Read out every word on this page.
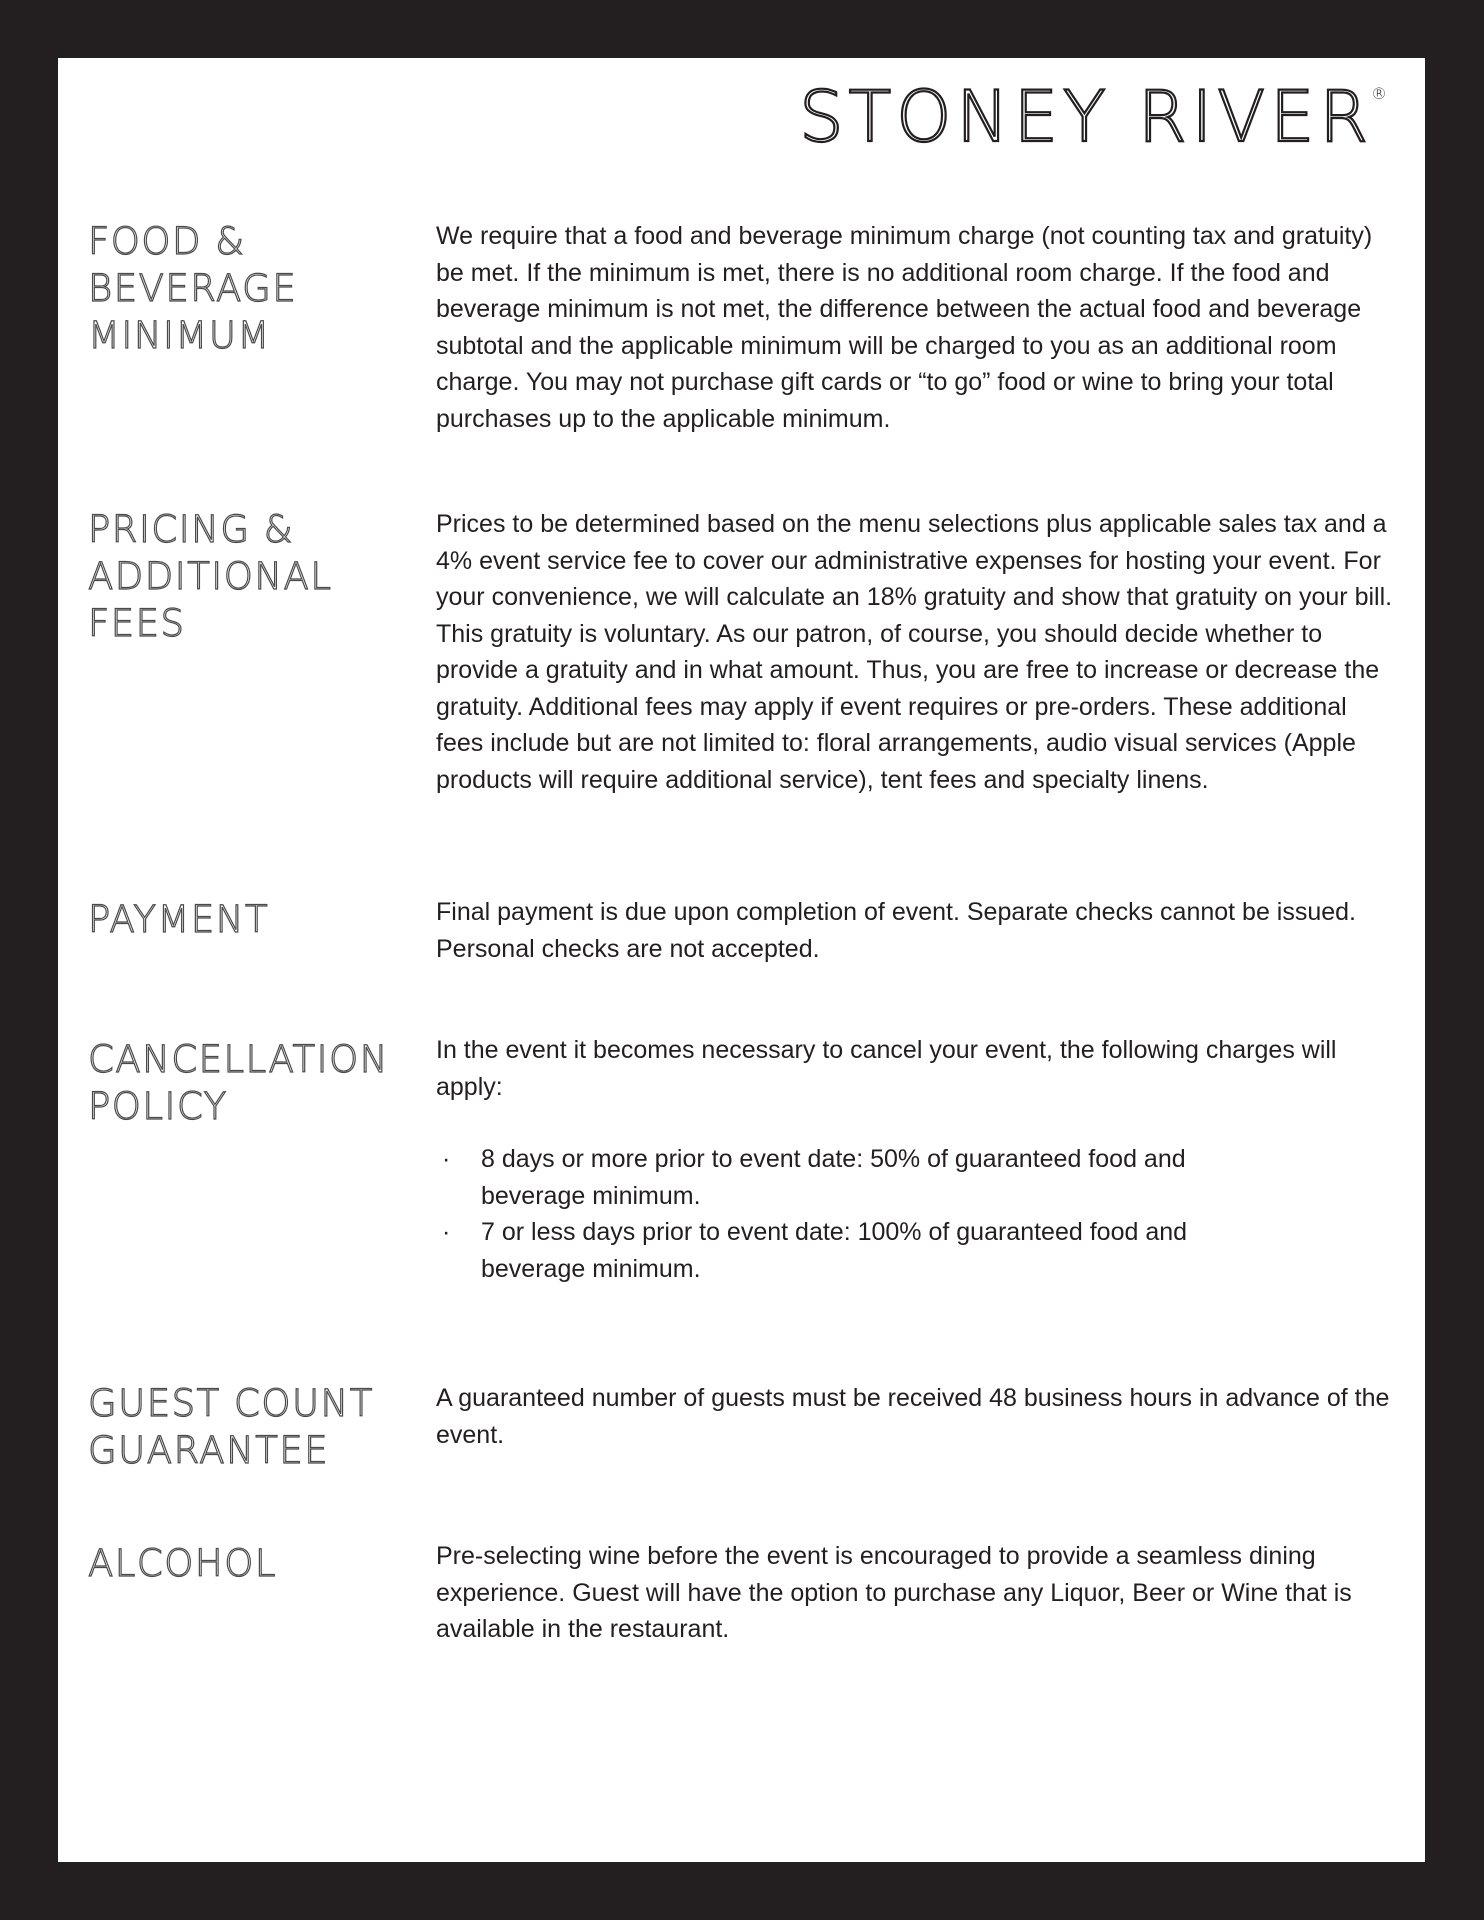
STONEY RIVER®
FOOD &
BEVERAGE
MINIMUM

We require that a food and beverage minimum charge (not counting tax and gratuity) be met. If the minimum is met, there is no additional room charge. If the food and beverage minimum is not met, the difference between the actual food and beverage subtotal and the applicable minimum will be charged to you as an additional room charge. You may not purchase gift cards or “to go” food or wine to bring your total purchases up to the applicable minimum.

PRICING &
ADDITIONAL
FEES

Prices to be determined based on the menu selections plus applicable sales tax and a 4% event service fee to cover our administrative expenses for hosting your event. For your convenience, we will calculate an 18% gratuity and show that gratuity on your bill. This gratuity is voluntary. As our patron, of course, you should decide whether to provide a gratuity and in what amount. Thus, you are free to increase or decrease the gratuity. Additional fees may apply if event requires or pre-orders. These additional fees include but are not limited to: floral arrangements, audio visual services (Apple products will require additional service), tent fees and specialty linens.

PAYMENT	Final payment is due upon completion of event. Separate checks cannot be issued. Personal checks are not accepted.

CANCELLATION
POLICY

In the event it becomes necessary to cancel your event, the following charges will apply:

· 8 days or more prior to event date: 50% of guaranteed food and beverage minimum.
· 7 or less days prior to event date: 100% of guaranteed food and beverage minimum.
GUEST COUNT
GUARANTEE

A guaranteed number of guests must be received 48 business hours in advance of the event.

ALCOHOL	Pre-selecting wine before the event is encouraged to provide a seamless dining experience. Guest will have the option to purchase any Liquor, Beer or Wine that is available in the restaurant.
